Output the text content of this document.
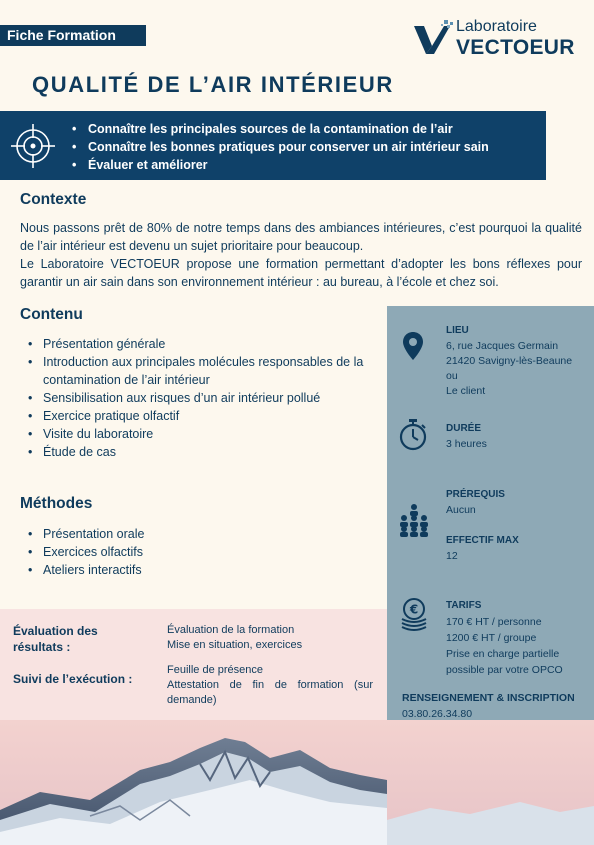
Fiche Formation	Laboratoire
VECTOEUR
QUALITÉ DE L’AIR INTÉRIEUR
• Connaître les principales sources de la contamination de l’air
• Connaître les bonnes pratiques pour conserver un air intérieur sain
• Évaluer et améliorer
Contexte
Nous passons prêt de 80% de notre temps dans des ambiances intérieures, c’est pourquoi la qualité de l’air intérieur est devenu un sujet prioritaire pour beaucoup.
Le Laboratoire VECTOEUR propose une formation permettant d’adopter les bons réflexes pour garantir un air sain dans son environnement intérieur : au bureau, à l’école et chez soi.
Contenu
• Présentation générale
• Introduction aux principales molécules responsables de la contamination de l’air intérieur
• Sensibilisation aux risques d’un air intérieur pollué
• Exercice pratique olfactif
• Visite du laboratoire
• Étude de cas
Méthodes
• Présentation orale
• Exercices olfactifs
• Ateliers interactifs
Évaluation des résultats :
Évaluation de la formation
Mise en situation, exercices
Suivi de l’exécution :
Feuille de présence
Attestation de fin de formation (sur demande)
LIEU
6, rue Jacques Germain
21420 Savigny-lès-Beaune
ou
Le client
DURÉE
3 heures
PRÉREQUIS
Aucun
EFFECTIF MAX
12
€	TARIFS
170 € HT / personne
1200 € HT / groupe
Prise en charge partielle possible par votre OPCO
RENSEIGNEMENT & INSCRIPTION
03.80.26.34.80
